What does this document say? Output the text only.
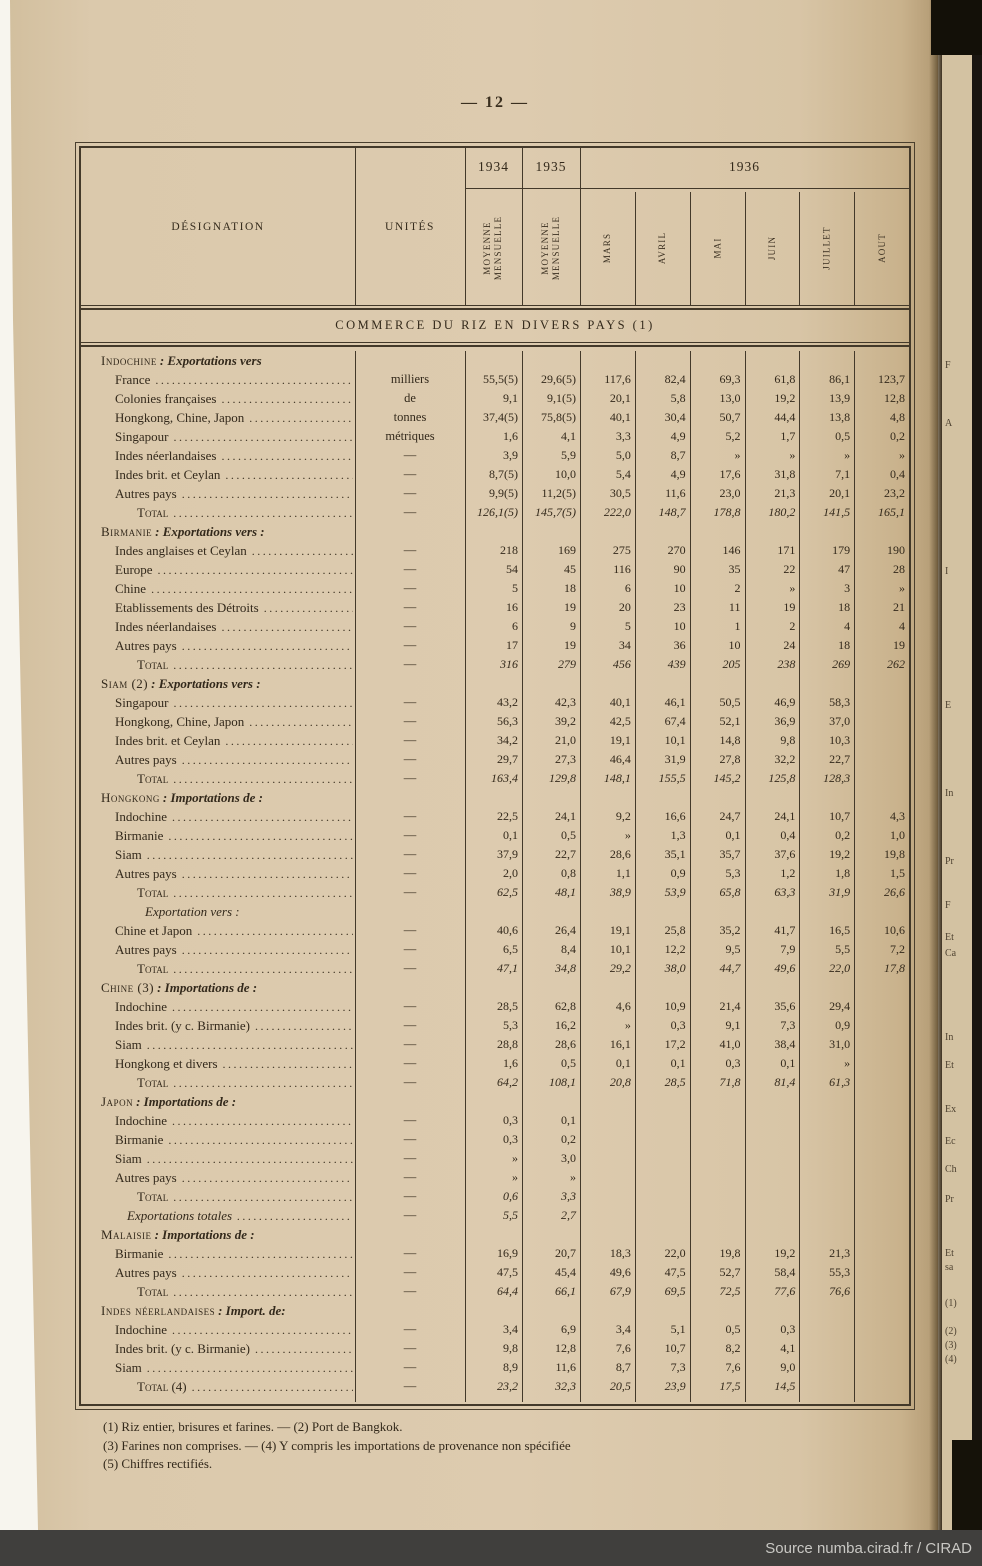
— 12 —
DÉSIGNATION	UNITÉS
1934	1935	1936
MOYENNE MENSUELLE	MOYENNE MENSUELLE	MARS	AVRIL	MAI	JUIN	JUILLET	AOUT
COMMERCE DU RIZ EN DIVERS PAYS (1)
Indochine : Exportations vers
France .....	milliers	55,5(5)	29,6(5)	117,6	82,4	69,3	61,8	86,1	123,7
Colonies françaises .....	de	9,1	9,1(5)	20,1	5,8	13,0	19,2	13,9	12,8
Hongkong, Chine, Japon .....	tonnes	37,4(5)	75,8(5)	40,1	30,4	50,7	44,4	13,8	4,8
Singapour .....	métriques	1,6	4,1	3,3	4,9	5,2	1,7	0,5	0,2
Indes néerlandaises .....	—	3,9	5,9	5,0	8,7	»	»	»	»
Indes brit. et Ceylan .....	—	8,7(5)	10,0	5,4	4,9	17,6	31,8	7,1	0,4
Autres pays .....	—	9,9(5)	11,2(5)	30,5	11,6	23,0	21,3	20,1	23,2
Total .....	—	126,1(5)	145,7(5)	222,0	148,7	178,8	180,2	141,5	165,1
Birmanie : Exportations vers :
Indes anglaises et Ceylan .....	—	218	169	275	270	146	171	179	190
Europe .....	—	54	45	116	90	35	22	47	28
Chine .....	—	5	18	6	10	2	»	3	»
Etablissements des Détroits .....	—	16	19	20	23	11	19	18	21
Indes néerlandaises .....	—	6	9	5	10	1	2	4	4
Autres pays .....	—	17	19	34	36	10	24	18	19
Total .....	—	316	279	456	439	205	238	269	262
Siam (2) : Exportations vers :
Singapour .....	—	43,2	42,3	40,1	46,1	50,5	46,9	58,3
Hongkong, Chine, Japon .....	—	56,3	39,2	42,5	67,4	52,1	36,9	37,0
Indes brit. et Ceylan .....	—	34,2	21,0	19,1	10,1	14,8	9,8	10,3
Autres pays .....	—	29,7	27,3	46,4	31,9	27,8	32,2	22,7
Total .....	—	163,4	129,8	148,1	155,5	145,2	125,8	128,3
Hongkong : Importations de :
Indochine .....	—	22,5	24,1	9,2	16,6	24,7	24,1	10,7	4,3
Birmanie .....	—	0,1	0,5	»	1,3	0,1	0,4	0,2	1,0
Siam .....	—	37,9	22,7	28,6	35,1	35,7	37,6	19,2	19,8
Autres pays .....	—	2,0	0,8	1,1	0,9	5,3	1,2	1,8	1,5
Total .....	—	62,5	48,1	38,9	53,9	65,8	63,3	31,9	26,6
Exportation vers :
Chine et Japon .....	—	40,6	26,4	19,1	25,8	35,2	41,7	16,5	10,6
Autres pays .....	—	6,5	8,4	10,1	12,2	9,5	7,9	5,5	7,2
Total .....	—	47,1	34,8	29,2	38,0	44,7	49,6	22,0	17,8
Chine (3) : Importations de :
Indochine .....	—	28,5	62,8	4,6	10,9	21,4	35,6	29,4
Indes brit. (y c. Birmanie) .....	—	5,3	16,2	»	0,3	9,1	7,3	0,9
Siam .....	—	28,8	28,6	16,1	17,2	41,0	38,4	31,0
Hongkong et divers .....	—	1,6	0,5	0,1	0,1	0,3	0,1	»
Total .....	—	64,2	108,1	20,8	28,5	71,8	81,4	61,3
Japon : Importations de :
Indochine .....	—	0,3	0,1
Birmanie .....	—	0,3	0,2
Siam .....	—	»	3,0
Autres pays .....	—	»	»
Total .....	—	0,6	3,3
Exportations totales .....	—	5,5	2,7
Malaisie : Importations de :
Birmanie .....	—	16,9	20,7	18,3	22,0	19,8	19,2	21,3
Autres pays .....	—	47,5	45,4	49,6	47,5	52,7	58,4	55,3
Total .....	—	64,4	66,1	67,9	69,5	72,5	77,6	76,6
Indes néerlandaises : Import. de:
Indochine .....	—	3,4	6,9	3,4	5,1	0,5	0,3
Indes brit. (y c. Birmanie) .....	—	9,8	12,8	7,6	10,7	8,2	4,1
Siam .....	—	8,9	11,6	8,7	7,3	7,6	9,0
Total (4) .....	—	23,2	32,3	20,5	23,9	17,5	14,5
(1) Riz entier, brisures et farines. — (2) Port de Bangkok.
(3) Farines non comprises. — (4) Y compris les importations de provenance non spécifiée
(5) Chiffres rectifiés.
F
A
I
E
In
Pr
F
Et
Ca
In
Et
Ex
Ec
Ch
Pr
Et
sa
(1)
(2)
(3)
(4)
Source numba.cirad.fr / CIRAD
